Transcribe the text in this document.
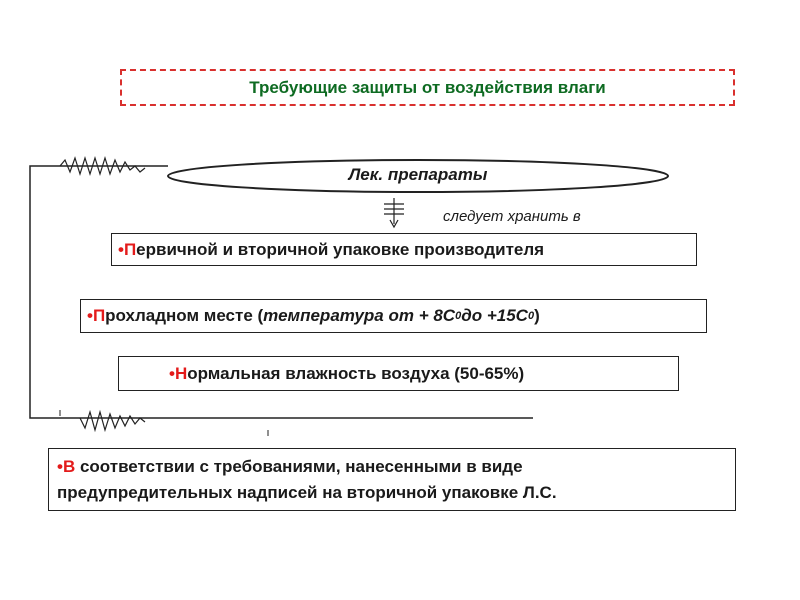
Требующие защиты от воздействия влаги
Лек. препараты
следует хранить в
• П ервичной и вторичной упаковке производителя
• П рохладном месте ( температура от + 8С 0 до +15С 0 )
• Н ормальная влажность воздуха (50-65%)
•В соответствии с требованиями, нанесенными в виде
предупредительных надписей на вторичной упаковке Л.С.
